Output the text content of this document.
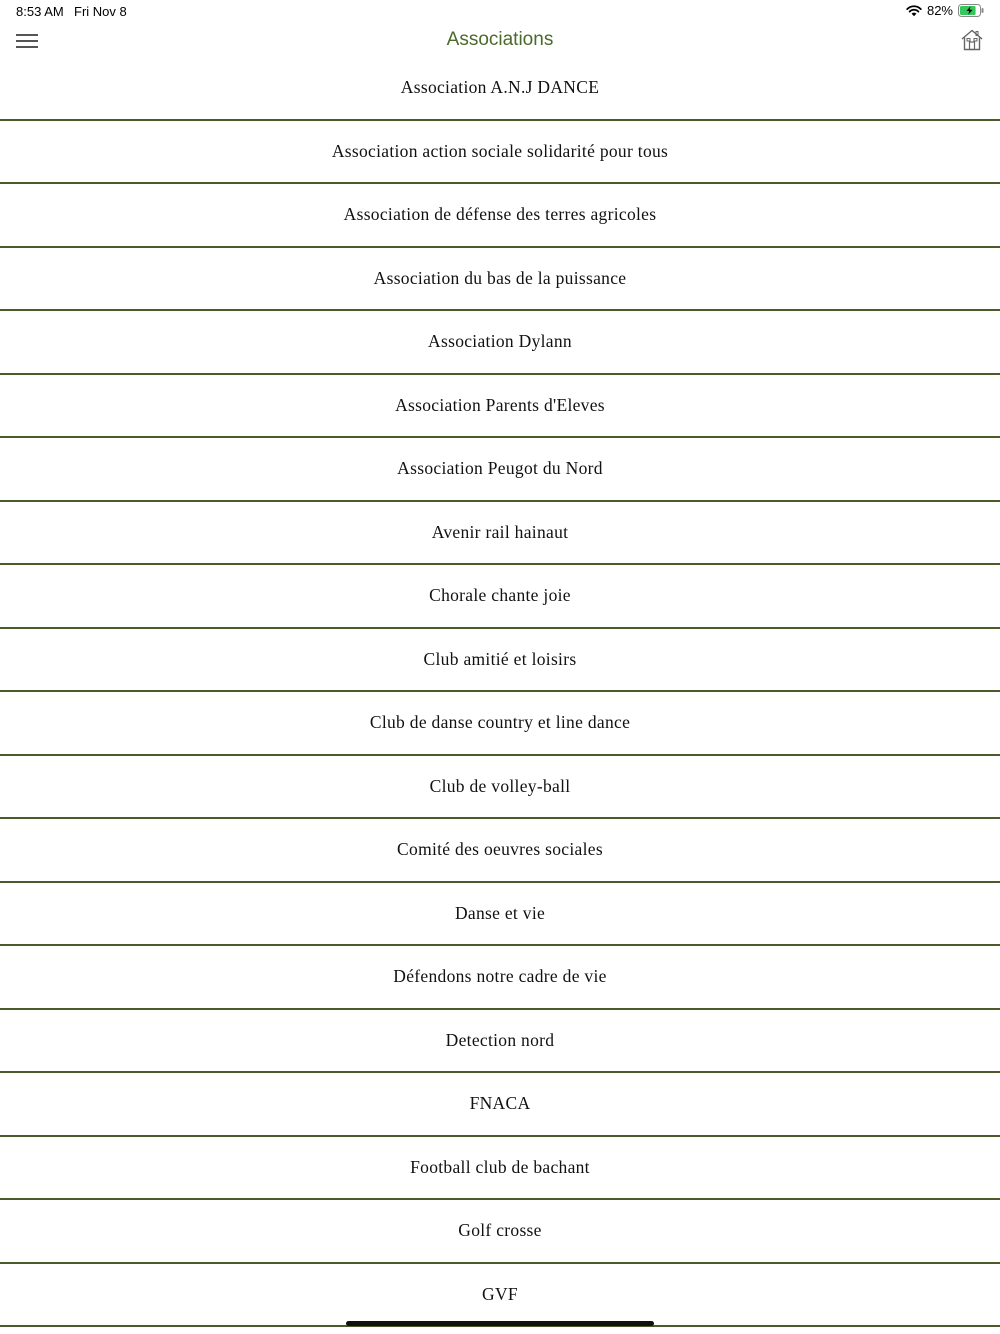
8:53 AM Fri Nov 8	82%
Associations
Association A.N.J DANCE
Association action sociale solidarité pour tous
Association de défense des terres agricoles
Association du bas de la puissance
Association Dylann
Association Parents d'Eleves
Association Peugot du Nord
Avenir rail hainaut
Chorale chante joie
Club amitié et loisirs
Club de danse country et line dance
Club de volley-ball
Comité des oeuvres sociales
Danse et vie
Défendons notre cadre de vie
Detection nord
FNACA
Football club de bachant
Golf crosse
GVF
